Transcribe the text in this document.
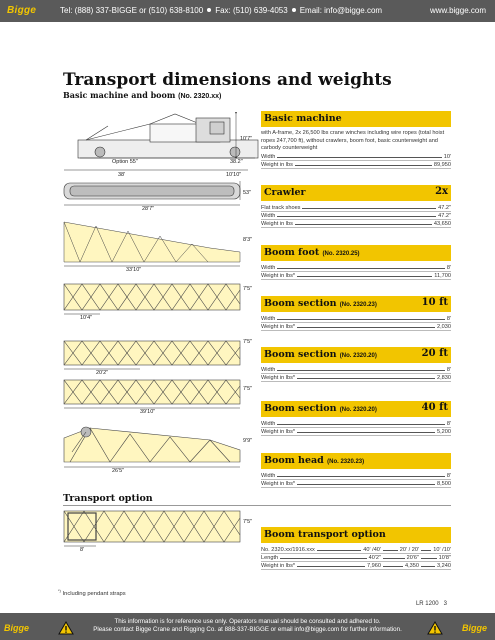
Bigge	Tel: (888) 337-BIGGE or (510) 638-8100 Fax: (510) 639-4053 Email: info@bigge.com	www.bigge.com
Transport dimensions and weights
Basic machine and boom (No. 2320.xx)
10'7"
Option 55"	38.2"
38'	10'10"
53"
28'7"
8'3"
33'10"
7'5"
10'4"
7'5"
20'2"
7'5"
39'10"
9'9"
26'5"
7'5"
8'
Basic machine
with A-frame, 2x 26,500 lbs crane winches including wire ropes (total hoist ropes 247,700 ft), without crawlers, boom foot, basic counterweight and carbody counterweight
Width	10'
Weight in lbs	89,950
Crawler	2x
Flat track shoes	47.2"
Width	47.2"
Weight in lbs	43,650
Boom foot (No. 2320.25)
Width	8'
Weight in lbs*	11,700
Boom section (No. 2320.23)	10 ft
Width	8'
Weight in lbs*	2,030
Boom section (No. 2320.20)	20 ft
Width	8'
Weight in lbs*	2,830
Boom section (No. 2320.20)	40 ft
Width	8'
Weight in lbs*	5,200
Boom head (No. 2320.23)
Width	8'
Weight in lbs*	8,500
Boom transport option
No. 2320.xx/1916.xxx	40' /40'	20' / 20'	10' /10'
Length	40'2"	20'6"	10'8"
Weight in lbs*	7,960	4,350	3,240
Transport option
*) Including pendant straps
LR 1200 3
Bigge
This information is for reference use only. Operators manual should be consulted and adhered to.
Please contact Bigge Crane and Rigging Co. at 888-337-BIGGE or email info@bigge.com for further information.	Bigge
